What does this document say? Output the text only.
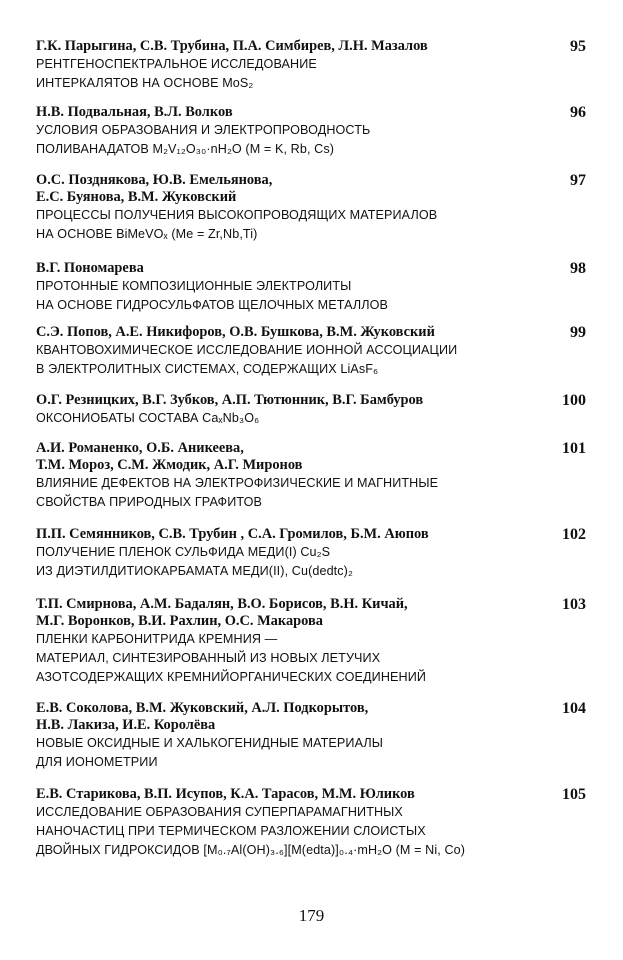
Г.К. Парыгина, С.В. Трубина, П.А. Симбирев, Л.Н. Мазалов
РЕНТГЕНОСПЕКТРАЛЬНОЕ ИССЛЕДОВАНИЕ
ИНТЕРКАЛЯТОВ НА ОСНОВЕ MoS₂
95
Н.В. Подвальная, В.Л. Волков
УСЛОВИЯ ОБРАЗОВАНИЯ И ЭЛЕКТРОПРОВОДНОСТЬ
ПОЛИВАНАДАТОВ M₂V₁₂O₃₀·nH₂O (M = K, Rb, Cs)
96
О.С. Позднякова, Ю.В. Емельянова,
Е.С. Буянова, В.М. Жуковский
ПРОЦЕССЫ ПОЛУЧЕНИЯ ВЫСОКОПРОВОДЯЩИХ МАТЕРИАЛОВ
НА ОСНОВЕ BiMeVOₓ (Me = Zr,Nb,Ti)
97
В.Г. Пономарева
ПРОТОННЫЕ КОМПОЗИЦИОННЫЕ ЭЛЕКТРОЛИТЫ
НА ОСНОВЕ ГИДРОСУЛЬФАТОВ ЩЕЛОЧНЫХ МЕТАЛЛОВ
98
С.Э. Попов, А.Е. Никифоров, О.В. Бушкова, В.М. Жуковский
КВАНТОВОХИМИЧЕСКОЕ ИССЛЕДОВАНИЕ ИОННОЙ АССОЦИАЦИИ
В ЭЛЕКТРОЛИТНЫХ СИСТЕМАХ, СОДЕРЖАЩИХ LiAsF₆
99
О.Г. Резницких, В.Г. Зубков, А.П. Тютюнник, В.Г. Бамбуров
ОКСОНИОБАТЫ СОСТАВА CaₓNb₃O₆
100
А.И. Романенко, О.Б. Аникеева,
Т.М. Мороз, С.М. Жмодик, А.Г. Миронов
ВЛИЯНИЕ ДЕФЕКТОВ НА ЭЛЕКТРОФИЗИЧЕСКИЕ И МАГНИТНЫЕ
СВОЙСТВА ПРИРОДНЫХ ГРАФИТОВ
101
П.П. Семянников, С.В. Трубин , С.А. Громилов, Б.М. Аюпов
ПОЛУЧЕНИЕ ПЛЕНОК СУЛЬФИДА МЕДИ(I) Cu₂S
ИЗ ДИЭТИЛДИТИОКАРБАМАТА МЕДИ(II), Cu(dedtc)₂
102
Т.П. Смирнова, А.М. Бадалян, В.О. Борисов, В.Н. Кичай,
М.Г. Воронков, В.И. Рахлин, О.С. Макарова
ПЛЕНКИ КАРБОНИТРИДА КРЕМНИЯ —
МАТЕРИАЛ, СИНТЕЗИРОВАННЫЙ ИЗ НОВЫХ ЛЕТУЧИХ
АЗОТСОДЕРЖАЩИХ КРЕМНИЙОРГАНИЧЕСКИХ СОЕДИНЕНИЙ
103
Е.В. Соколова, В.М. Жуковский, А.Л. Подкорытов,
Н.В. Лакиза, И.Е. Королёва
НОВЫЕ ОКСИДНЫЕ И ХАЛЬКОГЕНИДНЫЕ МАТЕРИАЛЫ
ДЛЯ ИОНОМЕТРИИ
104
Е.В. Старикова, В.П. Исупов, К.А. Тарасов, М.М. Юликов
ИССЛЕДОВАНИЕ ОБРАЗОВАНИЯ СУПЕРПАРАМАГНИТНЫХ
НАНОЧАСТИЦ ПРИ ТЕРМИЧЕСКОМ РАЗЛОЖЕНИИ СЛОИСТЫХ
ДВОЙНЫХ ГИДРОКСИДОВ [M₀.₇Al(OH)₃.₆][M(edta)]₀.₄·mH₂O (M = Ni, Co)
105
179
